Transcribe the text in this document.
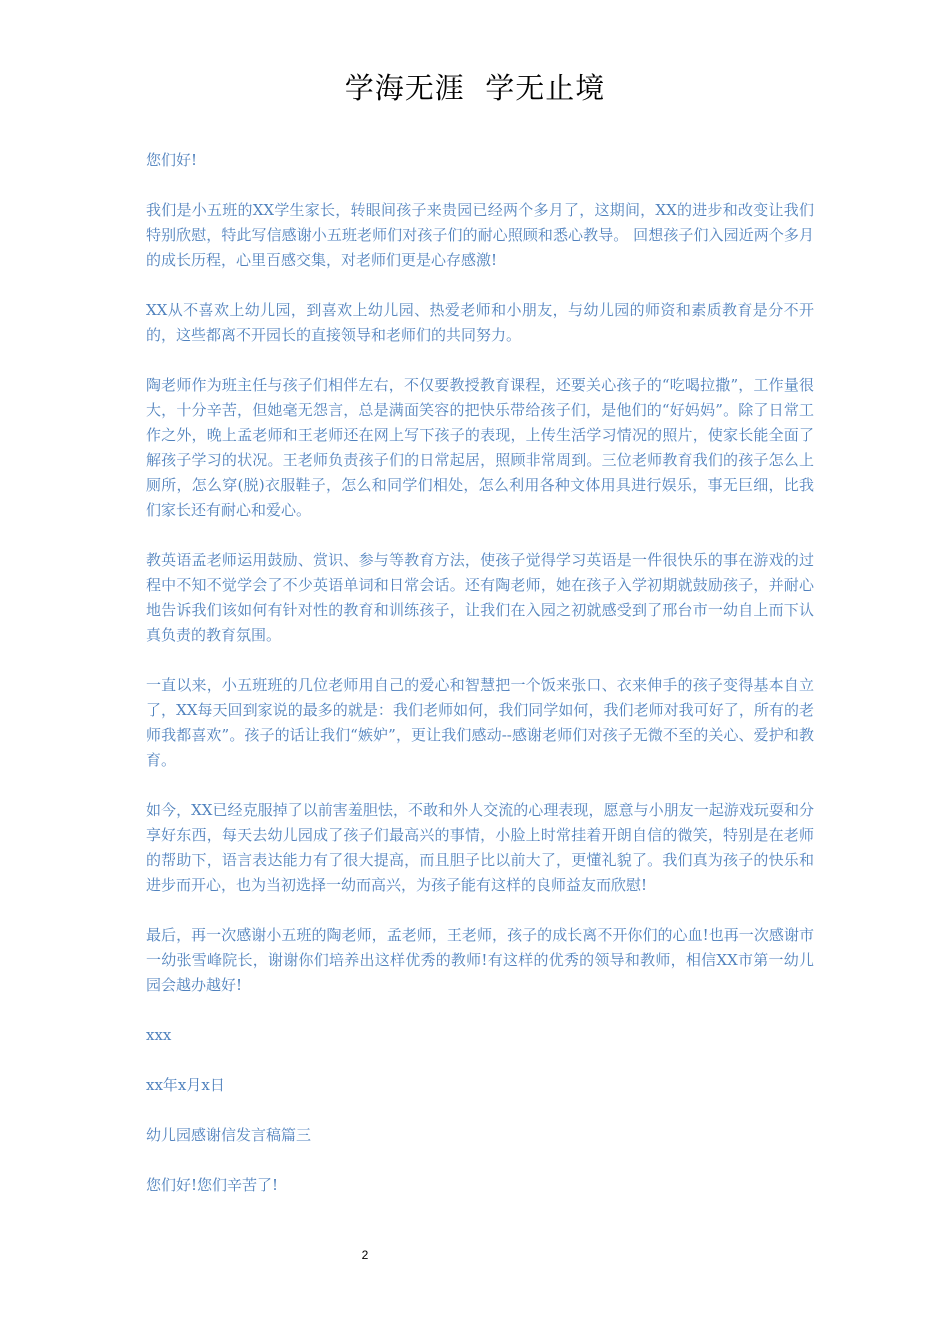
学海无涯  学无止境

您们好!

我们是小五班的XX学生家长，转眼间孩子来贵园已经两个多月了，这期间，XX的进步和改变让我们特别欣慰，特此写信感谢小五班老师们对孩子们的耐心照顾和悉心教导。 回想孩子们入园近两个多月的成长历程，心里百感交集，对老师们更是心存感激!

XX从不喜欢上幼儿园，到喜欢上幼儿园、热爱老师和小朋友，与幼儿园的师资和素质教育是分不开的，这些都离不开园长的直接领导和老师们的共同努力。

陶老师作为班主任与孩子们相伴左右，不仅要教授教育课程，还要关心孩子的“吃喝拉撒”，工作量很大，十分辛苦，但她毫无怨言，总是满面笑容的把快乐带给孩子们，是他们的“好妈妈”。除了日常工作之外，晚上孟老师和王老师还在网上写下孩子的表现，上传生活学习情况的照片，使家长能全面了解孩子学习的状况。王老师负责孩子们的日常起居，照顾非常周到。三位老师教育我们的孩子怎么上厕所，怎么穿(脱)衣服鞋子，怎么和同学们相处，怎么利用各种文体用具进行娱乐，事无巨细，比我们家长还有耐心和爱心。

教英语孟老师运用鼓励、赏识、参与等教育方法，使孩子觉得学习英语是一件很快乐的事在游戏的过程中不知不觉学会了不少英语单词和日常会话。还有陶老师，她在孩子入学初期就鼓励孩子，并耐心地告诉我们该如何有针对性的教育和训练孩子，让我们在入园之初就感受到了邢台市一幼自上而下认真负责的教育氛围。

一直以来，小五班班的几位老师用自己的爱心和智慧把一个饭来张口、衣来伸手的孩子变得基本自立了，XX每天回到家说的最多的就是：我们老师如何，我们同学如何，我们老师对我可好了，所有的老师我都喜欢”。孩子的话让我们“嫉妒”，更让我们感动--感谢老师们对孩子无微不至的关心、爱护和教育。

如今，XX已经克服掉了以前害羞胆怯，不敢和外人交流的心理表现，愿意与小朋友一起游戏玩耍和分享好东西，每天去幼儿园成了孩子们最高兴的事情，小脸上时常挂着开朗自信的微笑，特别是在老师的帮助下，语言表达能力有了很大提高，而且胆子比以前大了，更懂礼貌了。我们真为孩子的快乐和进步而开心，也为当初选择一幼而高兴，为孩子能有这样的良师益友而欣慰!

最后，再一次感谢小五班的陶老师，孟老师，王老师，孩子的成长离不开你们的心血!也再一次感谢市一幼张雪峰院长，谢谢你们培养出这样优秀的教师!有这样的优秀的领导和教师，相信XX市第一幼儿园会越办越好!

xxx

xx年x月x日

幼儿园感谢信发言稿篇三

您们好!您们辛苦了!

2
